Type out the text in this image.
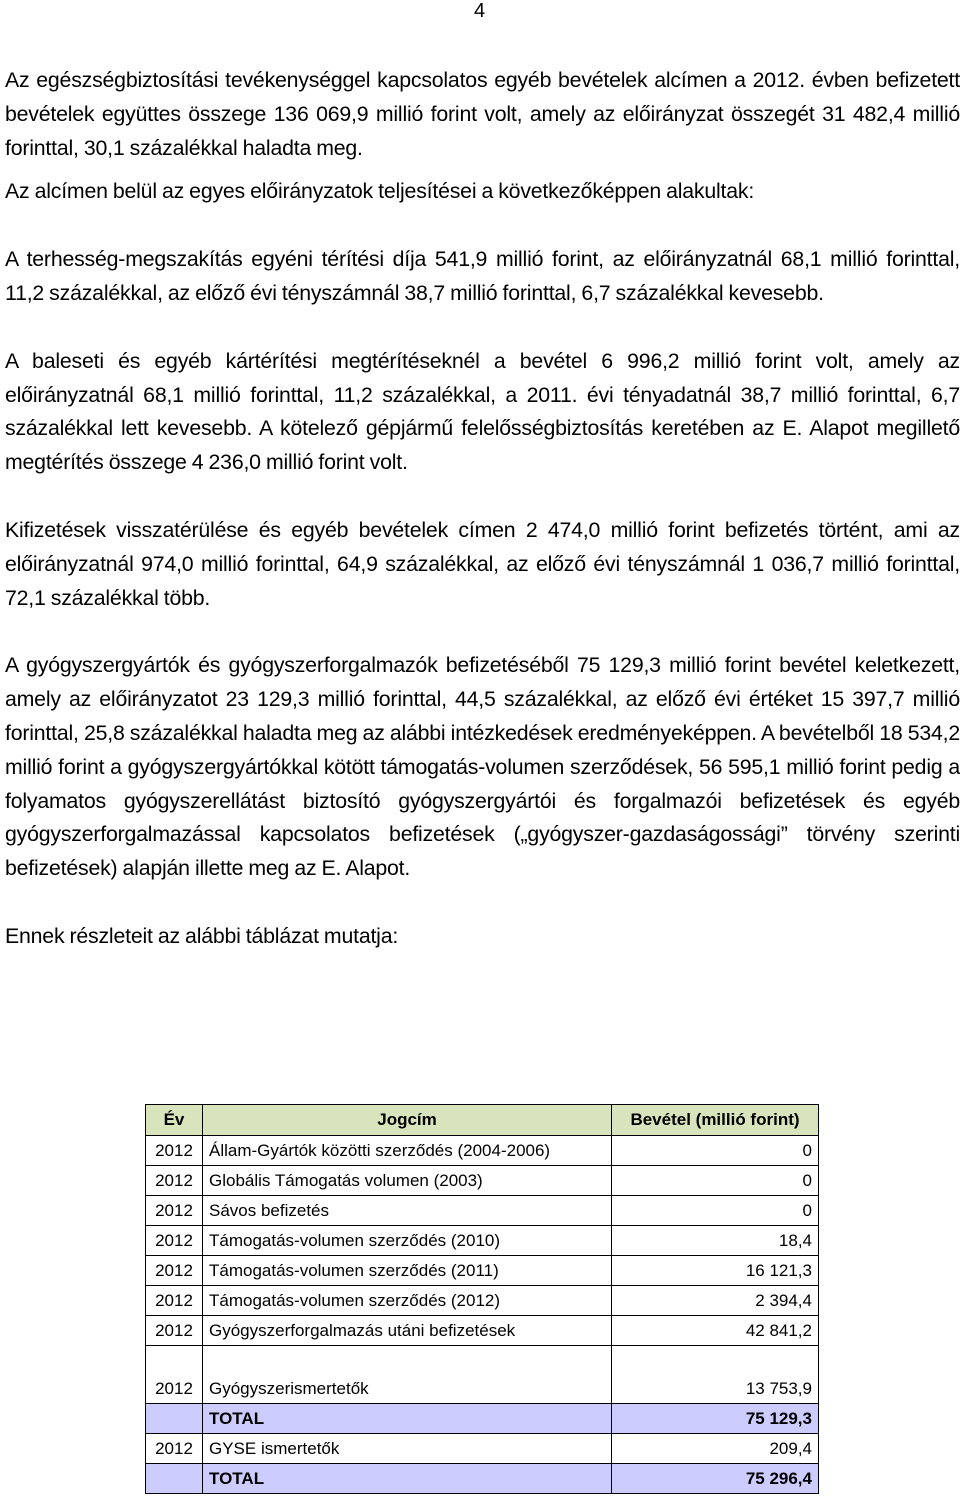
4

Az egészségbiztosítási tevékenységgel kapcsolatos egyéb bevételek alcímen a 2012. évben befizetett bevételek együttes összege 136 069,9 millió forint volt, amely az előirányzat összegét 31 482,4 millió forinttal, 30,1 százalékkal haladta meg.

Az alcímen belül az egyes előirányzatok teljesítései a következőképpen alakultak:

A terhesség-megszakítás egyéni térítési díja 541,9 millió forint, az előirányzatnál 68,1 millió forinttal, 11,2 százalékkal, az előző évi tényszámnál 38,7 millió forinttal, 6,7 százalékkal kevesebb.

A baleseti és egyéb kártérítési megtérítéseknél a bevétel 6 996,2 millió forint volt, amely az előirányzatnál 68,1 millió forinttal, 11,2 százalékkal, a 2011. évi tényadatnál 38,7 millió forinttal, 6,7 százalékkal lett kevesebb. A kötelező gépjármű felelősségbiztosítás keretében az E. Alapot megillető megtérítés összege 4 236,0 millió forint volt.

Kifizetések visszatérülése és egyéb bevételek címen 2 474,0 millió forint befizetés történt, ami az előirányzatnál 974,0 millió forinttal, 64,9 százalékkal, az előző évi tényszámnál 1 036,7 millió forinttal, 72,1 százalékkal több.

A gyógyszergyártók és gyógyszerforgalmazók befizetéséből 75 129,3 millió forint bevétel keletkezett, amely az előirányzatot 23 129,3 millió forinttal, 44,5 százalékkal, az előző évi értéket 15 397,7 millió forinttal, 25,8 százalékkal haladta meg az alábbi intézkedések eredményeképpen. A bevételből 18 534,2 millió forint a gyógyszergyártókkal kötött támogatás-volumen szerződések, 56 595,1 millió forint pedig a folyamatos gyógyszerellátást biztosító gyógyszergyártói és forgalmazói befizetések és egyéb gyógyszerforgalmazással kapcsolatos befizetések („gyógyszer-gazdaságossági” törvény szerinti befizetések) alapján illette meg az E. Alapot.

Ennek részleteit az alábbi táblázat mutatja:

Év	Jogcím	Bevétel (millió forint)
2012	Állam-Gyártók közötti szerződés (2004-2006)	0
2012	Globális Támogatás volumen (2003)	0
2012	Sávos befizetés	0
2012	Támogatás-volumen szerződés (2010)	18,4
2012	Támogatás-volumen szerződés (2011)	16 121,3
2012	Támogatás-volumen szerződés (2012)	2 394,4
2012	Gyógyszerforgalmazás utáni befizetések	42 841,2
2012	Gyógyszerismertetők	13 753,9
	TOTAL	75 129,3
2012	GYSE ismertetők	209,4
	TOTAL	75 296,4
